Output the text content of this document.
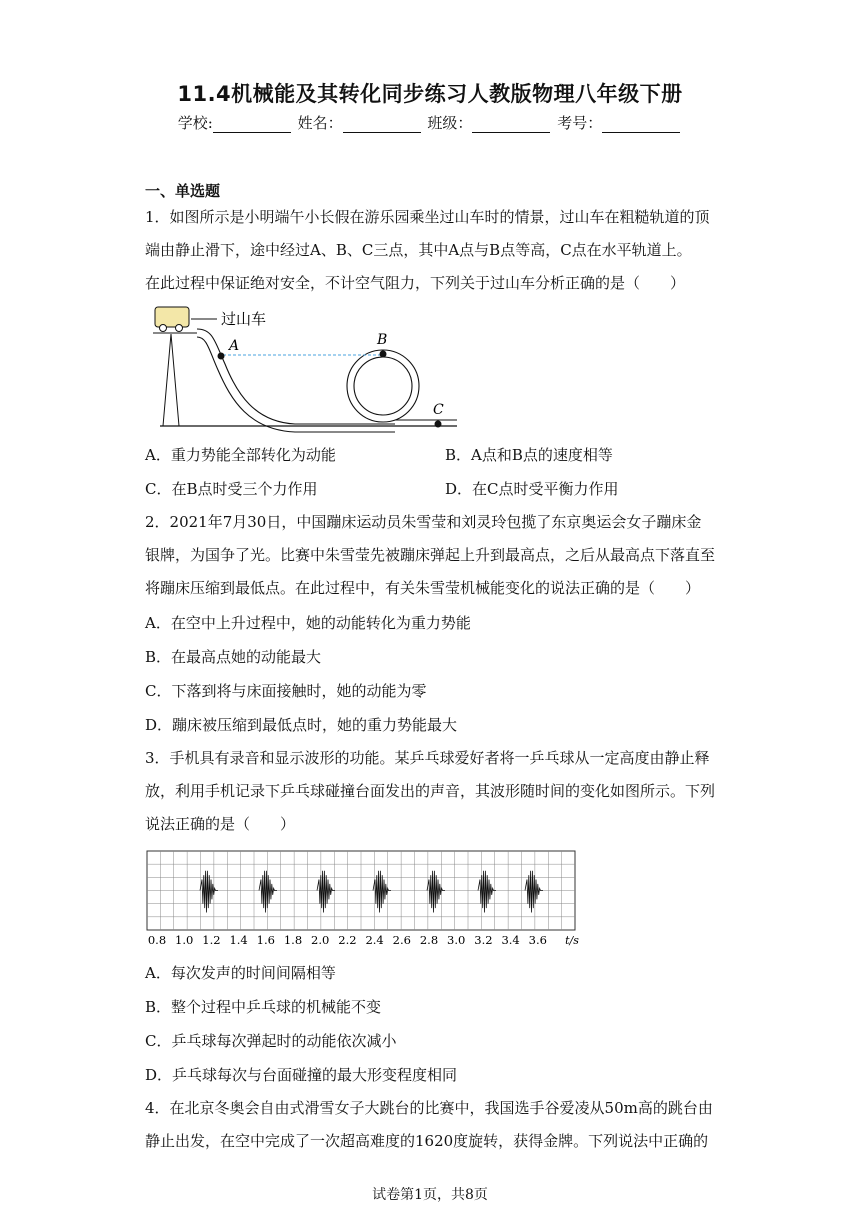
11.4机械能及其转化同步练习人教版物理八年级下册
学校:	姓名：	班级：	考号：
一、单选题
1．如图所示是小明端午小长假在游乐园乘坐过山车时的情景，过山车在粗糙轨道的顶
端由静止滑下，途中经过A、B、C三点，其中A点与B点等高，C点在水平轨道上。
在此过程中保证绝对安全，不计空气阻力，下列关于过山车分析正确的是（　　）
过山车
A	B
C
A．重力势能全部转化为动能	B．A点和B点的速度相等
C．在B点时受三个力作用	D．在C点时受平衡力作用
2．2021年7月30日，中国蹦床运动员朱雪莹和刘灵玲包揽了东京奥运会女子蹦床金
银牌，为国争了光。比赛中朱雪莹先被蹦床弹起上升到最高点，之后从最高点下落直至
将蹦床压缩到最低点。在此过程中，有关朱雪莹机械能变化的说法正确的是（　　）
A．在空中上升过程中，她的动能转化为重力势能
B．在最高点她的动能最大
C．下落到将与床面接触时，她的动能为零
D．蹦床被压缩到最低点时，她的重力势能最大
3．手机具有录音和显示波形的功能。某乒乓球爱好者将一乒乓球从一定高度由静止释
放，利用手机记录下乒乓球碰撞台面发出的声音，其波形随时间的变化如图所示。下列
说法正确的是（　　）
0.8 1.0 1.2 1.4 1.6 1.8 2.0 2.2 2.4 2.6 2.8 3.0 3.2 3.4 3.6 t/s
A．每次发声的时间间隔相等
B．整个过程中乒乓球的机械能不变
C．乒乓球每次弹起时的动能依次减小
D．乒乓球每次与台面碰撞的最大形变程度相同
4．在北京冬奥会自由式滑雪女子大跳台的比赛中，我国选手谷爱凌从50m高的跳台由
静止出发，在空中完成了一次超高难度的1620度旋转，获得金牌。下列说法中正确的
试卷第1页，共8页
